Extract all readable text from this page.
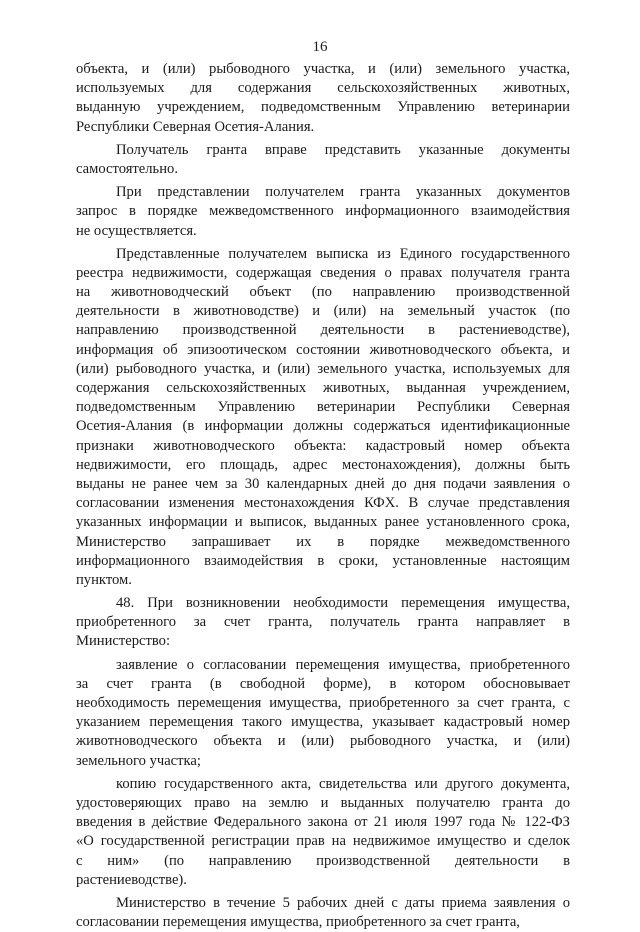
16
объекта, и (или) рыбоводного участка, и (или) земельного участка,
используемых для содержания сельскохозяйственных животных,
выданную учреждением, подведомственным Управлению ветеринарии
Республики Северная Осетия-Алания.
Получатель гранта вправе представить указанные документы
самостоятельно.
При представлении получателем гранта указанных документов
запрос в порядке межведомственного информационного взаимодействия
не осуществляется.
Представленные получателем выписка из Единого государственного
реестра недвижимости, содержащая сведения о правах получателя гранта
на животноводческий объект (по направлению производственной
деятельности в животноводстве) и (или) на земельный участок (по
направлению производственной деятельности в растениеводстве),
информация об эпизоотическом состоянии животноводческого объекта, и
(или) рыбоводного участка, и (или) земельного участка, используемых для
содержания сельскохозяйственных животных, выданная учреждением,
подведомственным Управлению ветеринарии Республики Северная
Осетия-Алания (в информации должны содержаться идентификационные
признаки животноводческого объекта: кадастровый номер объекта
недвижимости, его площадь, адрес местонахождения), должны быть
выданы не ранее чем за 30 календарных дней до дня подачи заявления о
согласовании изменения местонахождения КФХ. В случае представления
указанных информации и выписок, выданных ранее установленного срока,
Министерство запрашивает их в порядке межведомственного
информационного взаимодействия в сроки, установленные настоящим
пунктом.
48. При возникновении необходимости перемещения имущества,
приобретенного за счет гранта, получатель гранта направляет в
Министерство:
заявление о согласовании перемещения имущества, приобретенного
за счет гранта (в свободной форме), в котором обосновывает
необходимость перемещения имущества, приобретенного за счет гранта, с
указанием перемещения такого имущества, указывает кадастровый номер
животноводческого объекта и (или) рыбоводного участка, и (или)
земельного участка;
копию государственного акта, свидетельства или другого документа,
удостоверяющих право на землю и выданных получателю гранта до
введения в действие Федерального закона от 21 июля 1997 года № 122-ФЗ
«О государственной регистрации прав на недвижимое имущество и сделок
с ним» (по направлению производственной деятельности в
растениеводстве).
Министерство в течение 5 рабочих дней с даты приема заявления о
согласовании перемещения имущества, приобретенного за счет гранта,
